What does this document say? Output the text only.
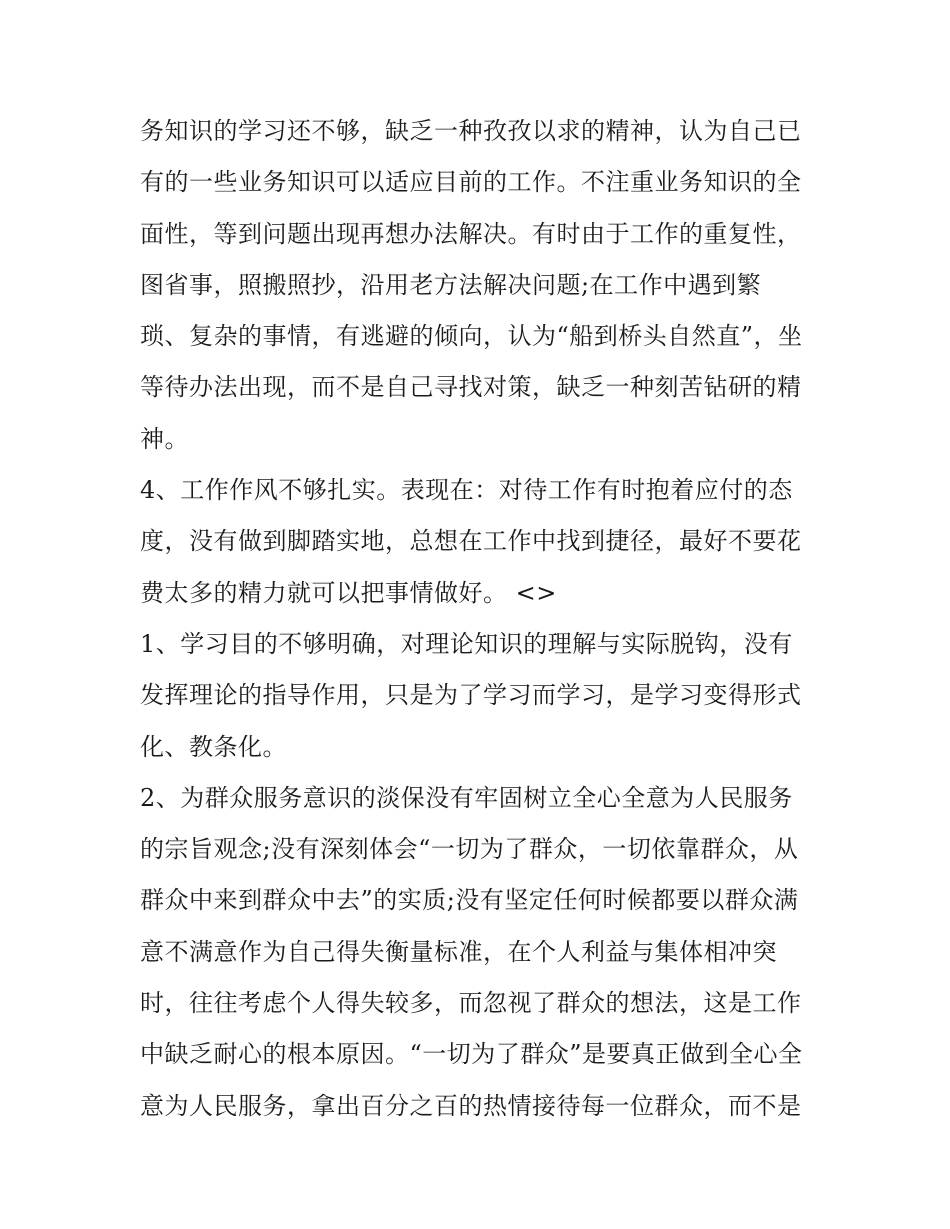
务知识的学习还不够，缺乏一种孜孜以求的精神，认为自己已
有的一些业务知识可以适应目前的工作。不注重业务知识的全
面性，等到问题出现再想办法解决。有时由于工作的重复性，
图省事，照搬照抄，沿用老方法解决问题;在工作中遇到繁
琐、复杂的事情，有逃避的倾向，认为“船到桥头自然直”，坐
等待办法出现，而不是自己寻找对策，缺乏一种刻苦钻研的精
神。
4、工作作风不够扎实。表现在：对待工作有时抱着应付的态
度，没有做到脚踏实地，总想在工作中找到捷径，最好不要花
费太多的精力就可以把事情做好。 <>
1、学习目的不够明确，对理论知识的理解与实际脱钩，没有
发挥理论的指导作用，只是为了学习而学习，是学习变得形式
化、教条化。
2、为群众服务意识的淡保没有牢固树立全心全意为人民服务
的宗旨观念;没有深刻体会“一切为了群众，一切依靠群众，从
群众中来到群众中去”的实质;没有坚定任何时候都要以群众满
意不满意作为自己得失衡量标准，在个人利益与集体相冲突
时，往往考虑个人得失较多，而忽视了群众的想法，这是工作
中缺乏耐心的根本原因。“一切为了群众”是要真正做到全心全
意为人民服务，拿出百分之百的热情接待每一位群众，而不是
